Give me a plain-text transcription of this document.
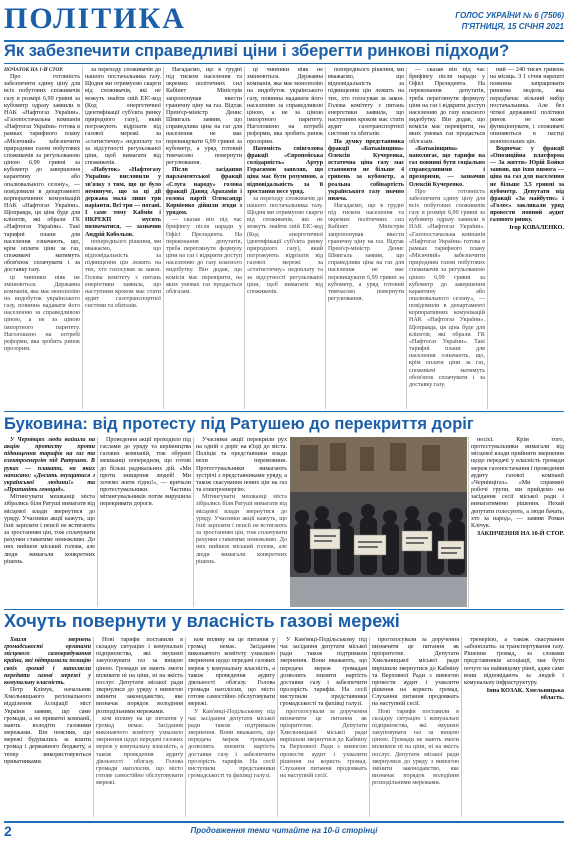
ПОЛІТИКА	ГОЛОС УКРАЇНИ № 6 (7506)
П'ЯТНИЦЯ, 15 СІЧНЯ 2021
Як забезпечити справедливі ціни і зберегти ринкові підходи?
ПОЧАТОК НА 1-Й СТОР.

Про готовність забезпечити єдину ціну для всіх побутових споживачів газу в розмірі 6,99 гривні за кубометр одразу заявили в НАК «Нафтогаз України». «Газопостачальна компанія «Нафтогаз України» готова в рамках тарифного плану «Місячний» забезпечити природним газом побутових споживачів за регульованою ціною 6,99 гривні за кубометр до завершення карантину або опалювального сезону», — повідомили в департаменті корпоративних комунікацій НАК «Нафтогаз України». Щоправда, ця ціна буде для клієнтів, які обрали ГК «Нафтогаз України». Такі тарифні плани для населення означають, що, крім оплати ціни за газ, споживачі матимуть обов'язок сплачувати і за доставку газу.

ці чинники ніяк не змінюються. Державна компанія, яка має монополію на видобуток українського газу, повинна надавати його населенню за справедливою ціною, а не за ціною імпортного паритету. Наголошено на потребі реформи, яка зробить ринок прозорим.

за переходу споживачів до нашого постачальника газу. Щодня ми отримуємо скарги від споживачів, які не можуть знайти свій ЕІС-код (Код енергетичної ідентифікації суб'єкта ринку природного газу), який погрожують відрізати від газової мережі за «статистичну» недоплату та за відсутності регульованої ціни, щоб вимагати від споживачів.

«Набуток» «Нафтогазу України» висловили у зв'язку з тим, що це було неминуче, що за ці дії держава мала лише три варіанти. Всі три — погані. І саме тому Кабмін і НКРЕКП мусять визначатися, — зазначив Андрій Кобольов.

попереднього рішення, ми вважаємо, що відповідальність за підвищення цін лежить на тих, хто голосував за закон. Голова комітету з питань енергетики заявила, що наступним кроком має стати аудит газотранспортної системи та облгазів.

Нагадаємо, що в грудні під тиском населення та окремих політичних сил Кабінет Міністрів запропонував ввести граничну ціну на газ. Відтак Прем'єр-міністр Денис Шмигаль заявив, що справедлива ціна на газ для населення не має перевищувати 6,99 гривні за кубометр, а уряд готовий тимчасово повернути регулювання.

Після засідання парламентської фракції «Слуга народу» голова фракції Давид Арахамія і голова партії Олександр Корніенко дійшли згоди з урядом.

— сказав він під час брифінгу після наради у Офісі Президента. На переконання депутатів, треба переглянути формулу ціни на газ і відкрити доступ населенню до газу власного видобутку. Він додав, що комісія має перевірити, на яких умовах газ продається облгазам.

ці чинники ніяк не змінюються. Державна компанія, яка має монополію на видобуток українського газу, повинна надавати його населенню за справедливою ціною, а не за ціною імпортного паритету. Наголошено на потребі реформи, яка зробить ринок прозорим.

Натомість співголова фракції «Європейська солідарність» Артур Герасимов заявляв, що ціна має бути розумною, а відповідальність за її зростання несе уряд.

за переходу споживачів до нашого постачальника газу. Щодня ми отримуємо скарги від споживачів, які не можуть знайти свій ЕІС-код (Код енергетичної ідентифікації суб'єкта ринку природного газу), який погрожують відрізати від газової мережі за «статистичну» недоплату та за відсутності регульованої ціни, щоб вимагати від споживачів.

попереднього рішення, ми вважаємо, що відповідальність за підвищення цін лежить на тих, хто голосував за закон. Голова комітету з питань енергетики заявила, що наступним кроком має стати аудит газотранспортної системи та облгазів.

На думку представника фракції «Батьківщина» Олексія Кучеренка, остаточна ціна газу має становити не більше 4 гривень за кубометр, а реальна собівартість українського газу значно нижча.

Нагадаємо, що в грудні під тиском населення та окремих політичних сил Кабінет Міністрів запропонував ввести граничну ціну на газ. Відтак Прем'єр-міністр Денис Шмигаль заявив, що справедлива ціна на газ для населення не має перевищувати 6,99 гривні за кубометр, а уряд готовий тимчасово повернути регулювання.

— сказав він під час брифінгу після наради у Офісі Президента. На переконання депутатів, треба переглянути формулу ціни на газ і відкрити доступ населенню до газу власного видобутку. Він додав, що комісія має перевірити, на яких умовах газ продається облгазам.

«Батьківщина» наполягає, що тарифи на газ повинні бути соціально справедливими і прозорими, — зазначив Олексій Кучеренко.

Про готовність забезпечити єдину ціну для всіх побутових споживачів газу в розмірі 6,99 гривні за кубометр одразу заявили в НАК «Нафтогаз України». «Газопостачальна компанія «Нафтогаз України» готова в рамках тарифного плану «Місячний» забезпечити природним газом побутових споживачів за регульованою ціною 6,99 гривні за кубометр до завершення карантину або опалювального сезону», — повідомили в департаменті корпоративних комунікацій НАК «Нафтогаз України». Щоправда, ця ціна буде для клієнтів, які обрали ГК «Нафтогаз України». Такі тарифні плани для населення означають, що, крім оплати ціни за газ, споживачі матимуть обов'язок сплачувати і за доставку газу.

ний — 240 тисяч гривень на місяць. З 1 січня нарешті повинна запрацювати ринкова модель, яка передбачає вільний вибір постачальника. Але без чіткої державної політики ринок не може функціонувати, і споживачі опиняються в пастці монопольних цін.

Водночас у фракції «Опозиційна платформа — За життя» Юрій Бойко заявив, що їхня вимога — ціна на газ для населення не більше 3,5 гривні за кубометр. Депутати від фракції «За майбутнє» і «Голос» закликали уряд провести повний аудит газового ринку.

Ігор КОВАЛЕНКО.
Буковина: від протесту під Ратушею до перекриття доріг

У Чернівцях люди вийшли на акцію протесту проти підвищення тарифів на газ та електроенергію під Ратушею. В руках — плакати, на яких написано: «Досить знущатися з української людини!» та «Припиніть геноцид».

Мітингувати мешканці міста зібрались біля Ратуші вимагати від місцевої влади звернутися до уряду. Учасники акції кажуть, що їхні зарплати і пенсії не встигають за зростанням цін, тож сплачувати рахунки ставатиме неможливо. До них вийшов міський голова, але люди вимагали конкретних рішень.

Проведення акції проходило під гаслами до уряду та керівництва газових компаній, тож обурені мешканці попередили, що готові до більш радикальних дій. «Ми проти знищення людей! Ми хочемо жити гідно!», — кричали протестувальники. Частина мітингувальників потім вирушила перекривати дороги.

Учасники акції перекрили рух на одній з доріг на в'їзді до міста. Поліція та представники влади вели перемовини. Протестувальники вимагають зустрічі з представниками уряду, а також скасування нових цін на газ та електроенергію.

Мітингувати мешканці міста зібрались біля Ратуші вимагати від місцевої влади звернутися до уряду. Учасники акції кажуть, що їхні зарплати і пенсії не встигають за зростанням цін, тож сплачувати рахунки ставатиме неможливо. До них вийшов міський голова, але люди вимагали конкретних рішень.

носієї. Крім того, протестувальники вимагали від місцевої влади прийняти звернення щодо передачі у власність громади мереж газопостачання і проведення аудиту газової компанії «Чернівцігаз». «Ми справжні робочі групи, ми прийдемо на засідання сесії міської ради і вимагатимемо рішення. Нехай депутати голосують, а люди бачать, хто за народ», — заявив Роман Клічук.

ЗАКІНЧЕННЯ НА 10-Й СТОР.
Хочуть повернути у власність газові мережі

Хвиля звернень громадськості органами місцевого самоврядування країни, які підтримали позицію своїх громад і наполягли передати газові мережі у комунальну власність.

Петр Клімук, начальник Хмельницького регіонального відділення Асоціації міст України заявив, що саме громади, а не приватні компанії, мають володіти газовими мережами. Він пояснив, що мережі будувались за кошти громад і державного бюджету, а тепер використовуються приватниками.

Нові тарифи поставили в складну ситуацію і комунальні підприємства, які змушені закуповувати газ за вищою ціною. Громади не мають змоги впливати ні на ціни, ні на якість послуг. Депутати міської ради звернулися до уряду з вимогою змінити законодавство, яке визначає порядок володіння розподільними мережами.

ком впливу на це питання у громад немає. Засідання виконавчого комітету ухвалило звернення щодо передачі газових мереж у комунальну власність, а також проведення аудиту діяльності облгазу. Голова громади наголосив, що місто готове самостійно обслуговувати мережі.

ком впливу на це питання у громад немає. Засідання виконавчого комітету ухвалило звернення щодо передачі газових мереж у комунальну власність, а також проведення аудиту діяльності облгазу. Голова громади наголосив, що місто готове самостійно обслуговувати мережі.

У Кам'янці-Подільському під час засідання депутати міської ради також підтримали звернення. Вони вважають, що передача мереж громадам дозволить знизити вартість доставки газу і забезпечити прозорість тарифів. На сесії виступили представники громадськості та фахівці галузі.

У Кам'янці-Подільському під час засідання депутати міської ради також підтримали звернення. Вони вважають, що передача мереж громадам дозволить знизити вартість доставки газу і забезпечити прозорість тарифів. На сесії виступили представники громадськості та фахівці галузі.

проголосували за доручення визначити це питання як пріоритетне. Депутати Хмельницької міської ради вирішили звернутися до Кабміну та Верховної Ради з вимогою провести аудит і ухвалити рішення на користь громад. Слухання питання продовжать на наступній сесії.

проголосували за доручення визначити це питання як пріоритетне. Депутати Хмельницької міської ради вирішили звернутися до Кабміну та Верховної Ради з вимогою провести аудит і ухвалити рішення на користь громад. Слухання питання продовжать на наступній сесії.

Нові тарифи поставили в складну ситуацію і комунальні підприємства, які змушені закуповувати газ за вищою ціною. Громади не мають змоги впливати ні на ціни, ні на якість послуг. Депутати міської ради звернулися до уряду з вимогою змінити законодавство, яке визначає порядок володіння розподільними мережами.

тренерією, а також скасування «абонплати» за транспортування газу. Рішення громад, за словами представників асоціації, має бути почуте на найвищому рівні, адже саме вони відповідають за людей і комунальну інфраструктуру.

Інна КОЗАК. Хмельницька область.
2	Продовження теми читайте на 10-й сторінці
